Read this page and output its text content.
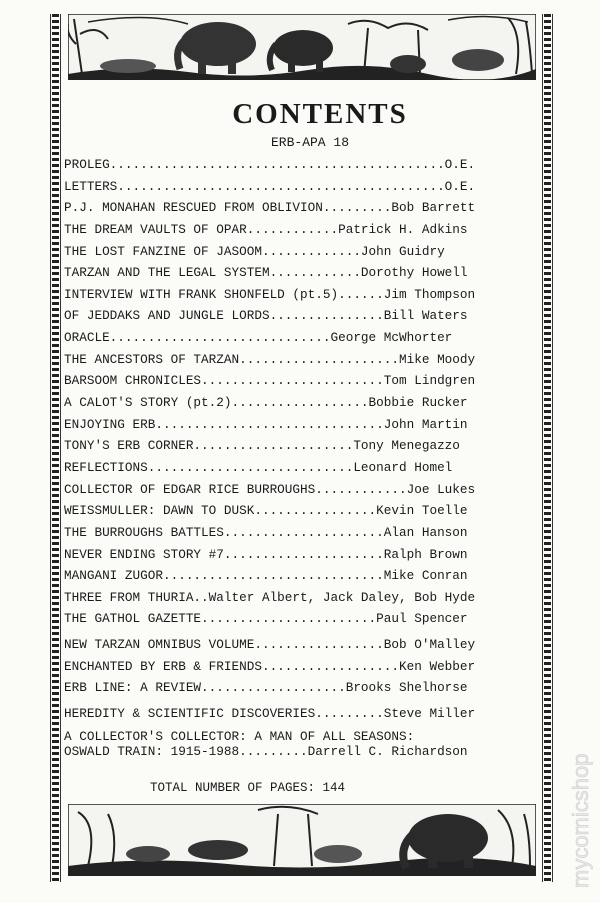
CONTENTS
ERB-APA 18
PROLEG............................................O.E.
LETTERS...........................................O.E.
P.J. MONAHAN RESCUED FROM OBLIVION.........Bob Barrett
THE DREAM VAULTS OF OPAR............Patrick H. Adkins
THE LOST FANZINE OF JASOOM.............John Guidry
TARZAN AND THE LEGAL SYSTEM............Dorothy Howell
INTERVIEW WITH FRANK SHONFELD (pt.5)......Jim Thompson
OF JEDDAKS AND JUNGLE LORDS...............Bill Waters
ORACLE.............................George McWhorter
THE ANCESTORS OF TARZAN.....................Mike Moody
BARSOOM CHRONICLES........................Tom Lindgren
A CALOT'S STORY (pt.2)..................Bobbie Rucker
ENJOYING ERB..............................John Martin
TONY'S ERB CORNER.....................Tony Menegazzo
REFLECTIONS...........................Leonard Homel
COLLECTOR OF EDGAR RICE BURROUGHS............Joe Lukes
WEISSMULLER: DAWN TO DUSK................Kevin Toelle
THE BURROUGHS BATTLES.....................Alan Hanson
NEVER ENDING STORY #7.....................Ralph Brown
MANGANI ZUGOR.............................Mike Conran
THREE FROM THURIA..Walter Albert, Jack Daley, Bob Hyde
THE GATHOL GAZETTE.......................Paul Spencer
NEW TARZAN OMNIBUS VOLUME.................Bob O'Malley
ENCHANTED BY ERB & FRIENDS..................Ken Webber
ERB LINE: A REVIEW...................Brooks Shelhorse
HEREDITY & SCIENTIFIC DISCOVERIES.........Steve Miller
A COLLECTOR'S COLLECTOR: A MAN OF ALL SEASONS:
OSWALD TRAIN: 1915-1988.........Darrell C. Richardson
TOTAL NUMBER OF PAGES: 144	mycomicshop
